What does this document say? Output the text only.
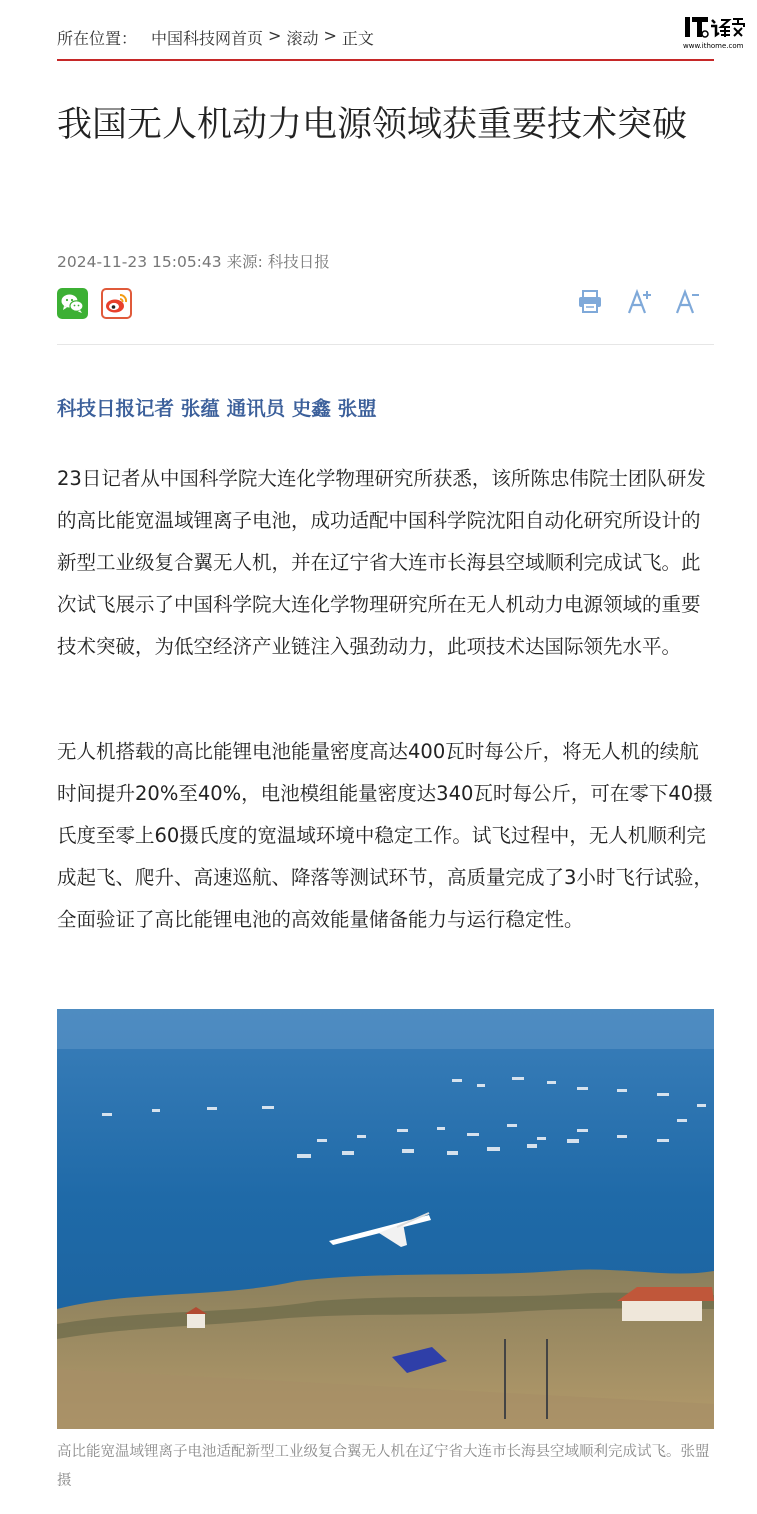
所在位置： 中国科技网首页 > 滚动 > 正文	www.ithome.com
我国无人机动力电源领域获重要技术突破
2024-11-23 15:05:43 来源: 科技日报
科技日报记者 张蕴 通讯员 史鑫 张盟

23日记者从中国科学院大连化学物理研究所获悉，该所陈忠伟院士团队研发的高比能宽温域锂离子电池，成功适配中国科学院沈阳自动化研究所设计的新型工业级复合翼无人机，并在辽宁省大连市长海县空域顺利完成试飞。此次试飞展示了中国科学院大连化学物理研究所在无人机动力电源领域的重要技术突破，为低空经济产业链注入强劲动力，此项技术达国际领先水平。

无人机搭载的高比能锂电池能量密度高达400瓦时每公斤，将无人机的续航时间提升20%至40%，电池模组能量密度达340瓦时每公斤，可在零下40摄氏度至零上60摄氏度的宽温域环境中稳定工作。试飞过程中，无人机顺利完成起飞、爬升、高速巡航、降落等测试环节，高质量完成了3小时飞行试验，全面验证了高比能锂电池的高效能量储备能力与运行稳定性。

高比能宽温域锂离子电池适配新型工业级复合翼无人机在辽宁省大连市长海县空域顺利完成试飞。张盟 摄
